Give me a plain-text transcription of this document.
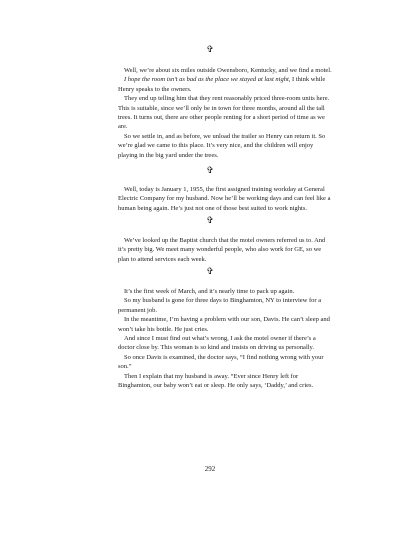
✞

Well, we’re about six miles outside Owensboro, Kentucky, and we find a motel.

I hope the room isn’t as bad as the place we stayed at last night, I think while Henry speaks to the owners.

They end up telling him that they rent reasonably priced three-room units here. This is suitable, since we’ll only be in town for three months, around all the tall trees. It turns out, there are other people renting for a short period of time as we are.

So we settle in, and as before, we unload the trailer so Henry can return it. So we’re glad we came to this place. It’s very nice, and the children will enjoy playing in the big yard under the trees.

✞

Well, today is January 1, 1955, the first assigned training workday at General Electric Company for my husband. Now he’ll be working days and can feel like a human being again. He’s just not one of those best suited to work nights.

✞

We’ve looked up the Baptist church that the motel owners referred us to. And it’s pretty big. We meet many wonderful people, who also work for GE, so we plan to attend services each week.

✞

It’s the first week of March, and it’s nearly time to pack up again.

So my husband is gone for three days to Binghamton, NY to interview for a permanent job.

In the meantime, I’m having a problem with our son, Davis. He can’t sleep and won’t take his bottle. He just cries.

And since I must find out what’s wrong, I ask the motel owner if there’s a doctor close by. This woman is so kind and insists on driving us personally.

So once Davis is examined, the doctor says, “I find nothing wrong with your son.”

Then I explain that my husband is away. “Ever since Henry left for Binghamton, our baby won’t eat or sleep. He only says, ‘Daddy,’ and cries.

292
